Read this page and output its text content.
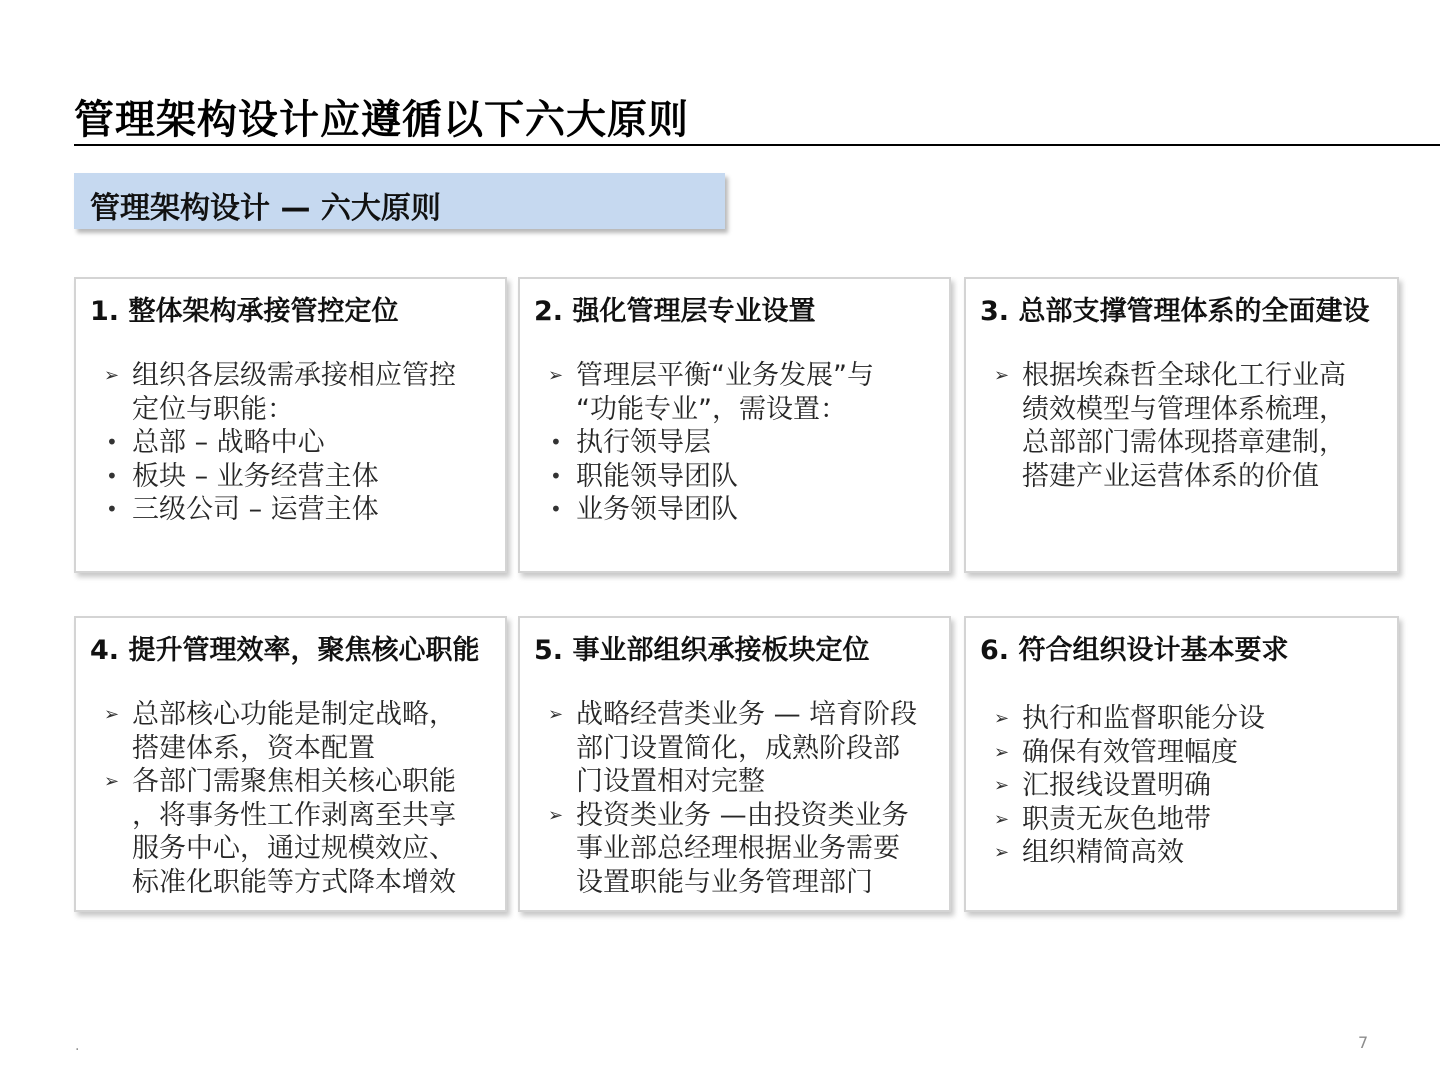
管理架构设计应遵循以下六大原则
管理架构设计 — 六大原则
1. 整体架构承接管控定位
➢ 组织各层级需承接相应管控
定位与职能：
• 总部 – 战略中心
• 板块 – 业务经营主体
• 三级公司 – 运营主体
2. 强化管理层专业设置
➢ 管理层平衡“业务发展”与
“功能专业”，需设置：
• 执行领导层
• 职能领导团队
• 业务领导团队
3. 总部支撑管理体系的全面建设
➢ 根据埃森哲全球化工行业高
绩效模型与管理体系梳理，
总部部门需体现搭章建制，
搭建产业运营体系的价值
4. 提升管理效率，聚焦核心职能
➢ 总部核心功能是制定战略，
搭建体系，资本配置
➢ 各部门需聚焦相关核心职能
，将事务性工作剥离至共享
服务中心，通过规模效应、
标准化职能等方式降本增效
5. 事业部组织承接板块定位
➢ 战略经营类业务 — 培育阶段
部门设置简化，成熟阶段部
门设置相对完整
➢ 投资类业务 —由投资类业务
事业部总经理根据业务需要
设置职能与业务管理部门
6. 符合组织设计基本要求
➢ 执行和监督职能分设
➢ 确保有效管理幅度
➢ 汇报线设置明确
➢ 职责无灰色地带
➢ 组织精简高效
.	7
